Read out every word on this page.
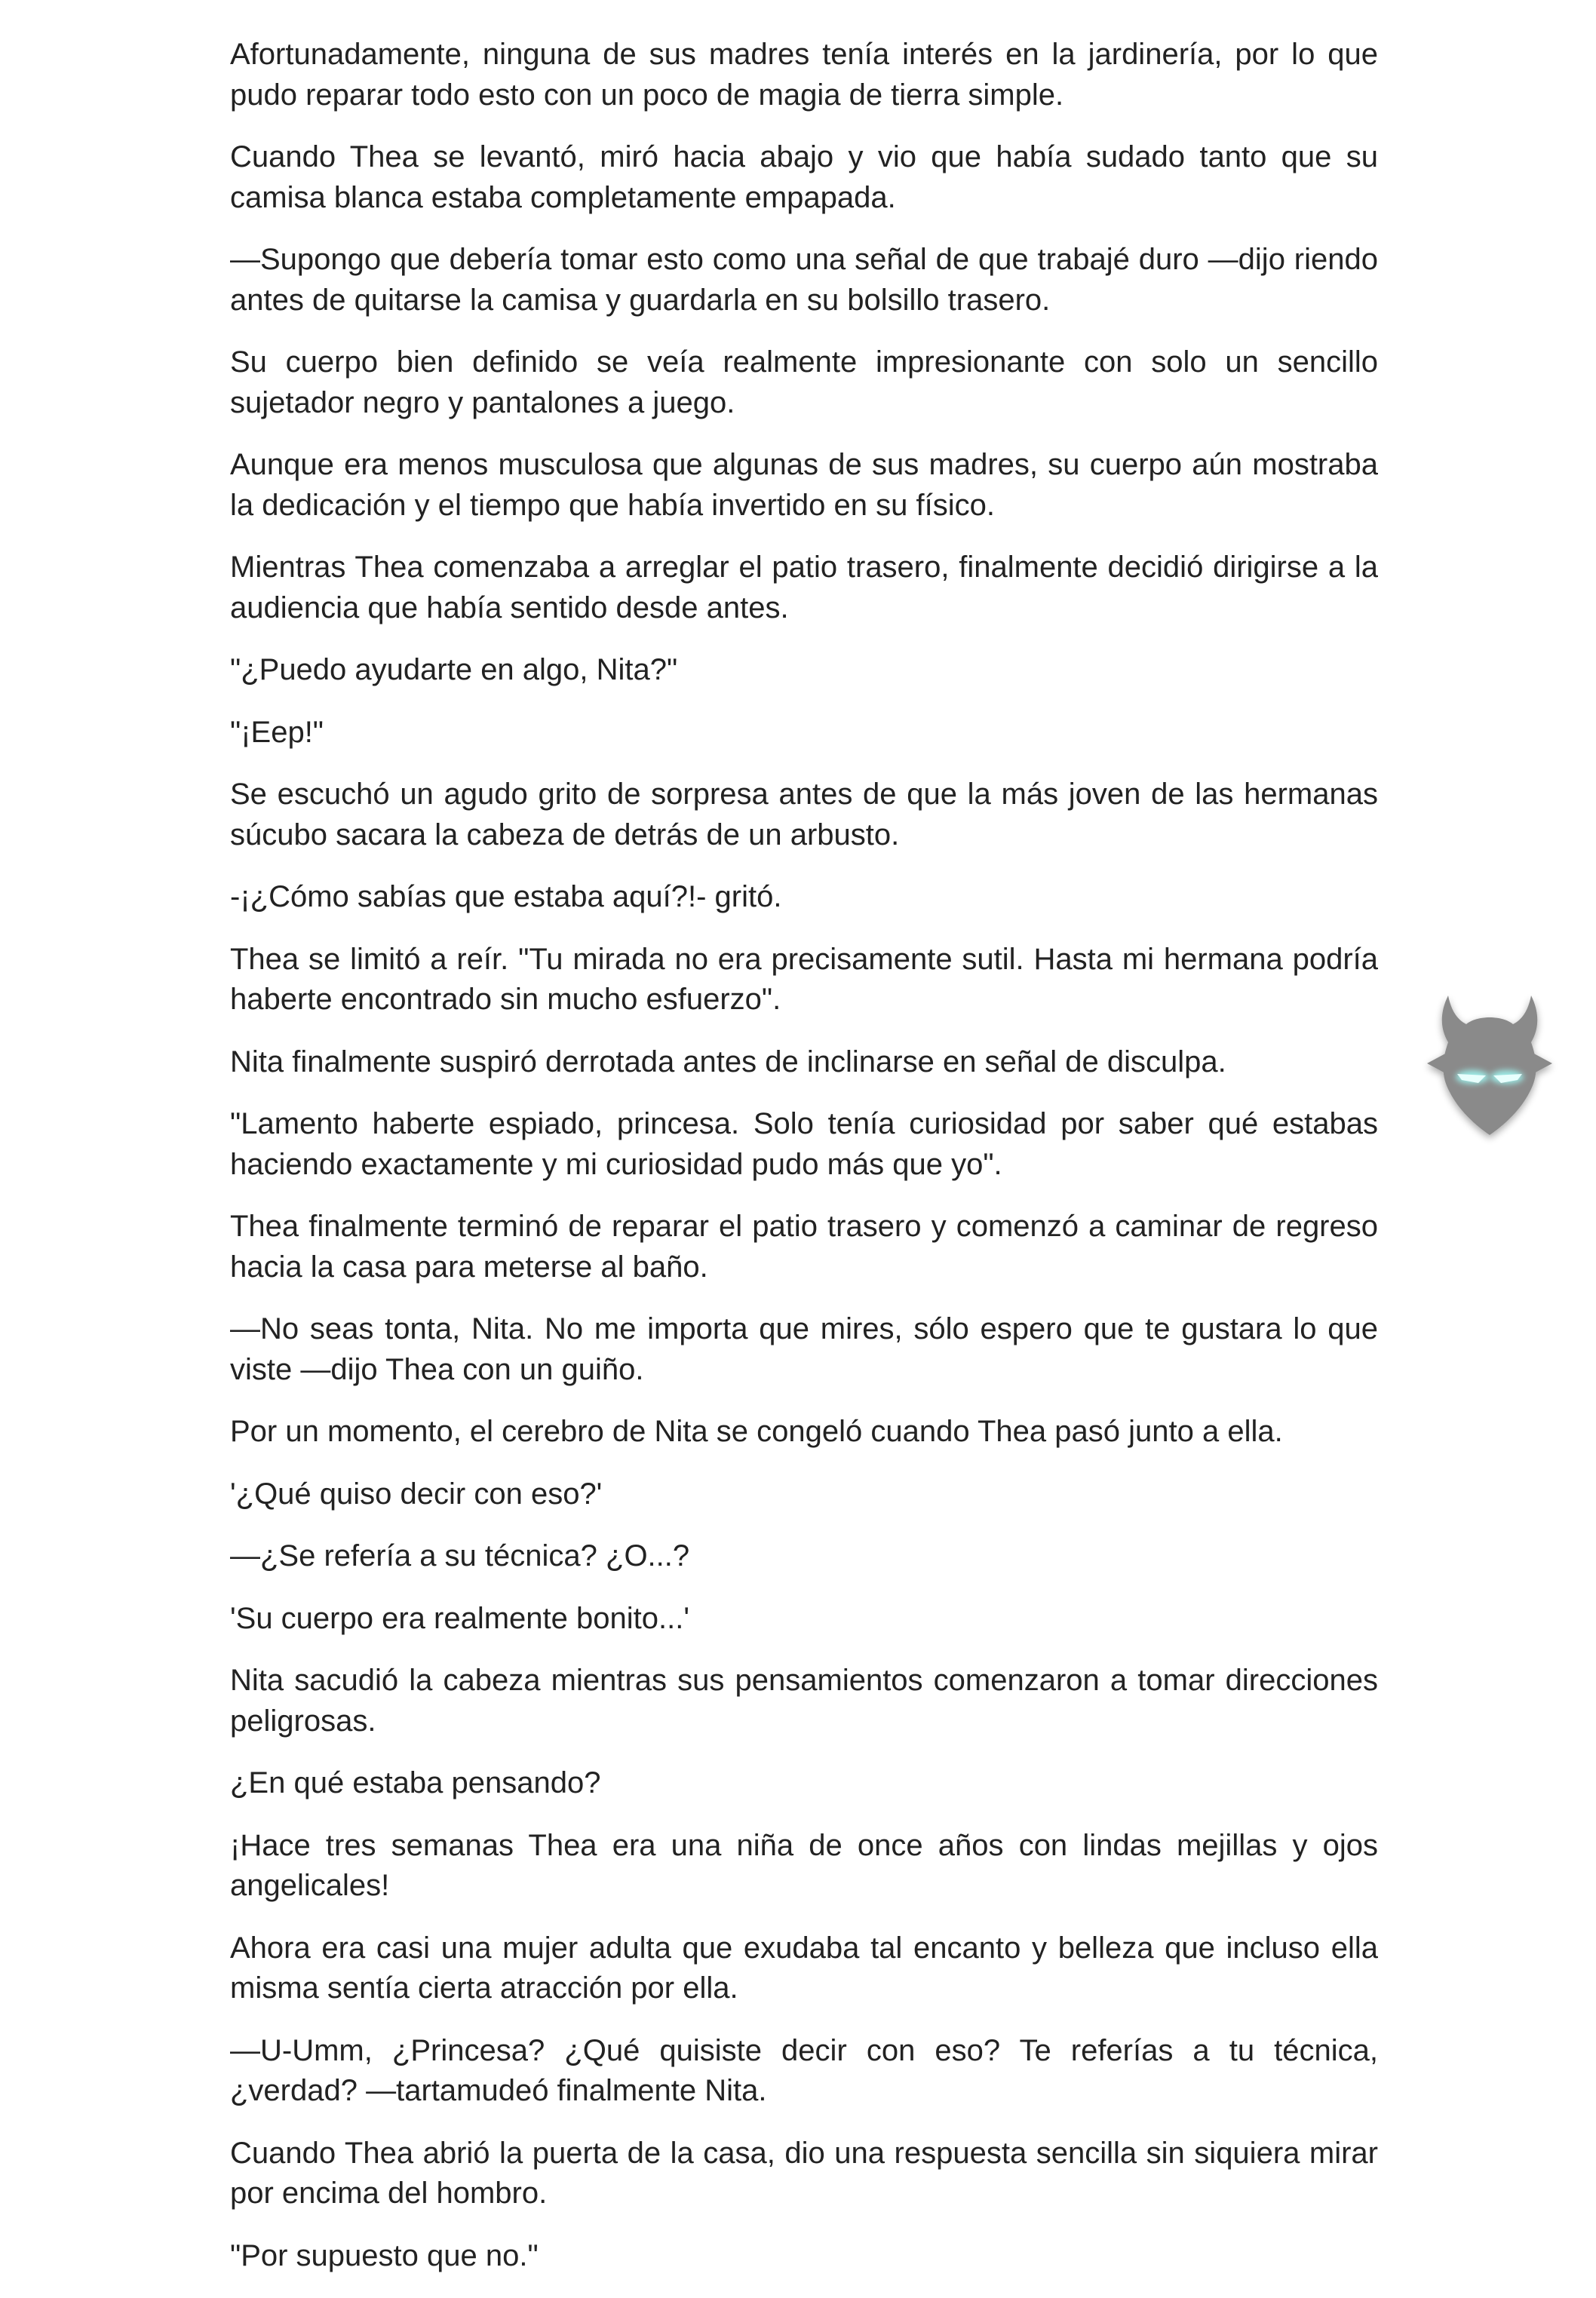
Afortunadamente, ninguna de sus madres tenía interés en la jardinería, por lo que pudo reparar todo esto con un poco de magia de tierra simple.

Cuando Thea se levantó, miró hacia abajo y vio que había sudado tanto que su camisa blanca estaba completamente empapada.

—Supongo que debería tomar esto como una señal de que trabajé duro —dijo riendo antes de quitarse la camisa y guardarla en su bolsillo trasero.

Su cuerpo bien definido se veía realmente impresionante con solo un sencillo sujetador negro y pantalones a juego.

Aunque era menos musculosa que algunas de sus madres, su cuerpo aún mostraba la dedicación y el tiempo que había invertido en su físico.

Mientras Thea comenzaba a arreglar el patio trasero, finalmente decidió dirigirse a la audiencia que había sentido desde antes.

"¿Puedo ayudarte en algo, Nita?"

"¡Eep!"

Se escuchó un agudo grito de sorpresa antes de que la más joven de las hermanas súcubo sacara la cabeza de detrás de un arbusto.

-¡¿Cómo sabías que estaba aquí?!- gritó.

Thea se limitó a reír. "Tu mirada no era precisamente sutil. Hasta mi hermana podría haberte encontrado sin mucho esfuerzo".

Nita finalmente suspiró derrotada antes de inclinarse en señal de disculpa.

"Lamento haberte espiado, princesa. Solo tenía curiosidad por saber qué estabas haciendo exactamente y mi curiosidad pudo más que yo".

Thea finalmente terminó de reparar el patio trasero y comenzó a caminar de regreso hacia la casa para meterse al baño.

—No seas tonta, Nita. No me importa que mires, sólo espero que te gustara lo que viste —dijo Thea con un guiño.

Por un momento, el cerebro de Nita se congeló cuando Thea pasó junto a ella.

'¿Qué quiso decir con eso?'

—¿Se refería a su técnica? ¿O...?

'Su cuerpo era realmente bonito...'

Nita sacudió la cabeza mientras sus pensamientos comenzaron a tomar direcciones peligrosas.

¿En qué estaba pensando?

¡Hace tres semanas Thea era una niña de once años con lindas mejillas y ojos angelicales!

Ahora era casi una mujer adulta que exudaba tal encanto y belleza que incluso ella misma sentía cierta atracción por ella.

—U-Umm, ¿Princesa? ¿Qué quisiste decir con eso? Te referías a tu técnica, ¿verdad? —tartamudeó finalmente Nita.

Cuando Thea abrió la puerta de la casa, dio una respuesta sencilla sin siquiera mirar por encima del hombro.

"Por supuesto que no."
